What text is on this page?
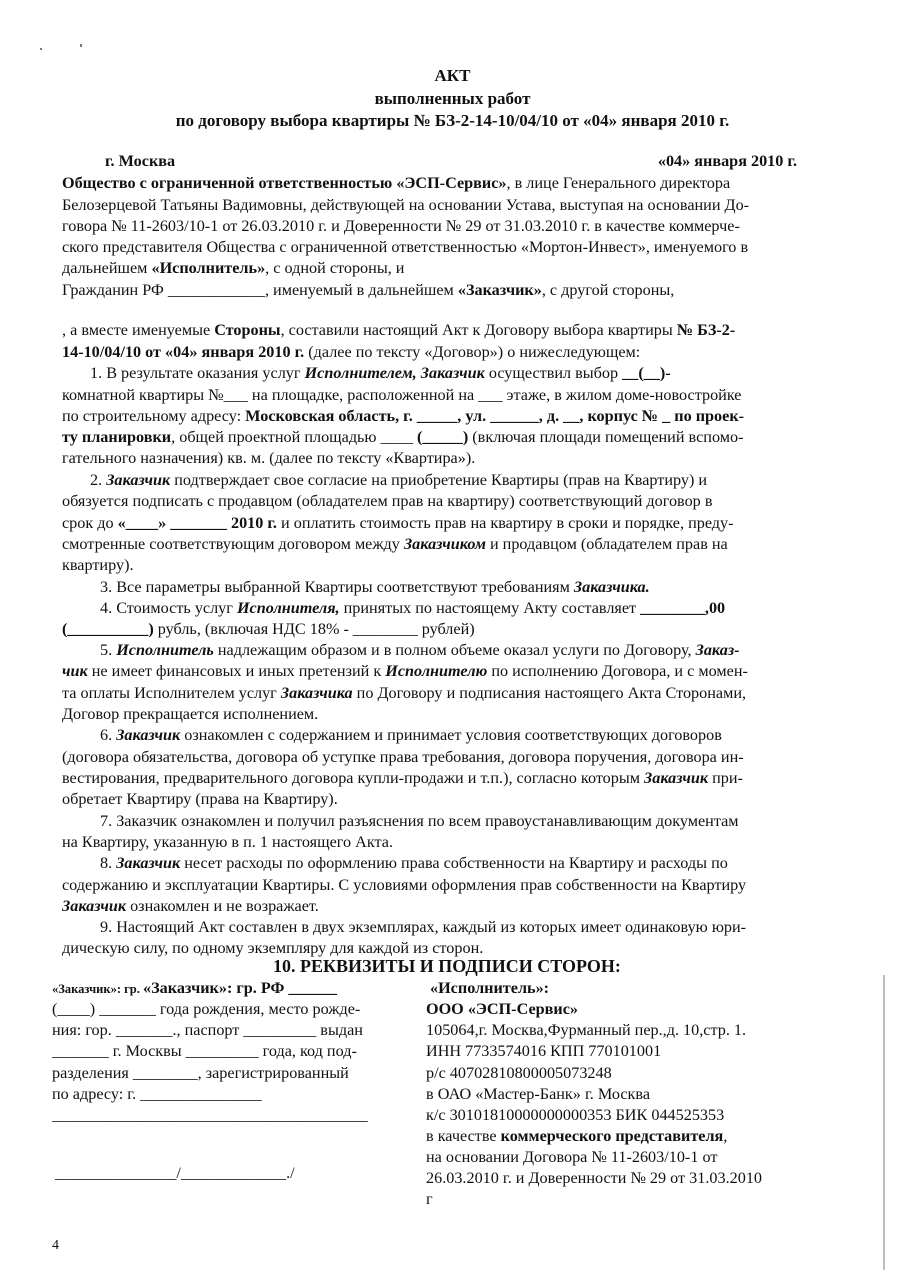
АКТ
выполненных работ
по договору выбора квартиры № БЗ-2-14-10/04/10 от «04» января 2010 г.
г. Москва	«04» января 2010 г.
Общество с ограниченной ответственностью «ЭСП-Сервис», в лице Генерального директора
Белозерцевой Татьяны Вадимовны, действующей на основании Устава, выступая на основании До-
говора № 11-2603/10-1 от 26.03.2010 г. и Доверенности № 29 от 31.03.2010 г. в качестве коммерче-
ского представителя Общества с ограниченной ответственностью «Мортон-Инвест», именуемого в
дальнейшем «Исполнитель», с одной стороны, и
Гражданин РФ ____________, именуемый в дальнейшем «Заказчик», с другой стороны,
, а вместе именуемые Стороны, составили настоящий Акт к Договору выбора квартиры № БЗ-2-
14-10/04/10 от «04» января 2010 г. (далее по тексту «Договор») о нижеследующем:
1. В результате оказания услуг Исполнителем, Заказчик осуществил выбор __(__)-
комнатной квартиры №___ на площадке, расположенной на ___ этаже, в жилом доме-новостройке
по строительному адресу: Московская область, г. _____, ул. ______, д. __, корпус № _ по проек-
ту планировки, общей проектной площадью ____ (_____) (включая площади помещений вспомо-
гательного назначения) кв. м. (далее по тексту «Квартира»).
2. Заказчик подтверждает свое согласие на приобретение Квартиры (прав на Квартиру) и
обязуется подписать с продавцом (обладателем прав на квартиру) соответствующий договор в
срок до «____» _______ 2010 г. и оплатить стоимость прав на квартиру в сроки и порядке, преду-
смотренные соответствующим договором между Заказчиком и продавцом (обладателем прав на
квартиру).
3. Все параметры выбранной Квартиры соответствуют требованиям Заказчика.
4. Стоимость услуг Исполнителя, принятых по настоящему Акту составляет ________,00
(__________) рубль, (включая НДС 18% - ________ рублей)
5. Исполнитель надлежащим образом и в полном объеме оказал услуги по Договору, Заказ-
чик не имеет финансовых и иных претензий к Исполнителю по исполнению Договора, и с момен-
та оплаты Исполнителем услуг Заказчика по Договору и подписания настоящего Акта Сторонами,
Договор прекращается исполнением.
6. Заказчик ознакомлен с содержанием и принимает условия соответствующих договоров
(договора обязательства, договора об уступке права требования, договора поручения, договора ин-
вестирования, предварительного договора купли-продажи и т.п.), согласно которым Заказчик при-
обретает Квартиру (права на Квартиру).
7. Заказчик ознакомлен и получил разъяснения по всем правоустанавливающим документам
на Квартиру, указанную в п. 1 настоящего Акта.
8. Заказчик несет расходы по оформлению права собственности на Квартиру и расходы по
содержанию и эксплуатации Квартиры. С условиями оформления прав собственности на Квартиру
Заказчик ознакомлен и не возражает.
9. Настоящий Акт составлен в двух экземплярах, каждый из которых имеет одинаковую юри-
дическую силу, по одному экземпляру для каждой из сторон.
10. РЕКВИЗИТЫ И ПОДПИСИ СТОРОН:
«Заказчик»: гр. «Заказчик»: гр. РФ ______
(____) _______ года рождения, место рожде-
ния: гор. _______., паспорт _________ выдан
_______ г. Москвы _________ года, код под-
разделения ________, зарегистрированный
по адресу: г. _______________
_______________________________________
_______________/_____________./
«Исполнитель»:
ООО «ЭСП-Сервис»
105064,г. Москва,Фурманный пер.,д. 10,стр. 1.
ИНН 7733574016 КПП 770101001
р/с 40702810800005073248
в ОАО «Мастер-Банк» г. Москва
к/с 30101810000000000353 БИК 044525353
в качестве коммерческого представителя,
на основании Договора № 11-2603/10-1 от
26.03.2010 г. и Доверенности № 29 от 31.03.2010
г
4
